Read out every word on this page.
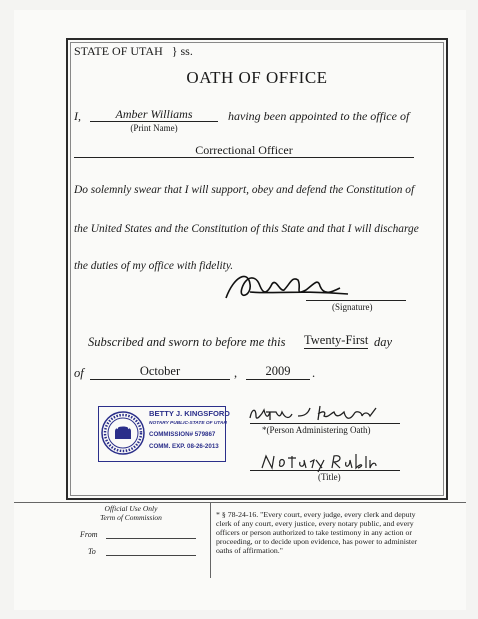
STATE OF UTAH } ss.
OATH OF OFFICE
I,	Amber Williams
(Print Name)
having been appointed to the office of
Correctional Officer
Do solemnly swear that I will support, obey and defend the Constitution of
the United States and the Constitution of this State and that I will discharge
the duties of my office with fidelity.
(Signature)
Subscribed and sworn to before me this Twenty-First day
of	October	,	2009	.
BETTY J. KINGSFORD
NOTARY PUBLIC-STATE OF UTAH
COMMISSION# 579867
COMM. EXP. 08-26-2013
*(Person Administering Oath)
(Title)
Official Use Only
Term of Commission
From
To
* § 78-24-16. "Every court, every judge, every clerk and deputy clerk of any court, every justice, every notary public, and every officers or person authorized to take testimony in any action or proceeding, or to decide upon evidence, has power to administer oaths of affirmation."
